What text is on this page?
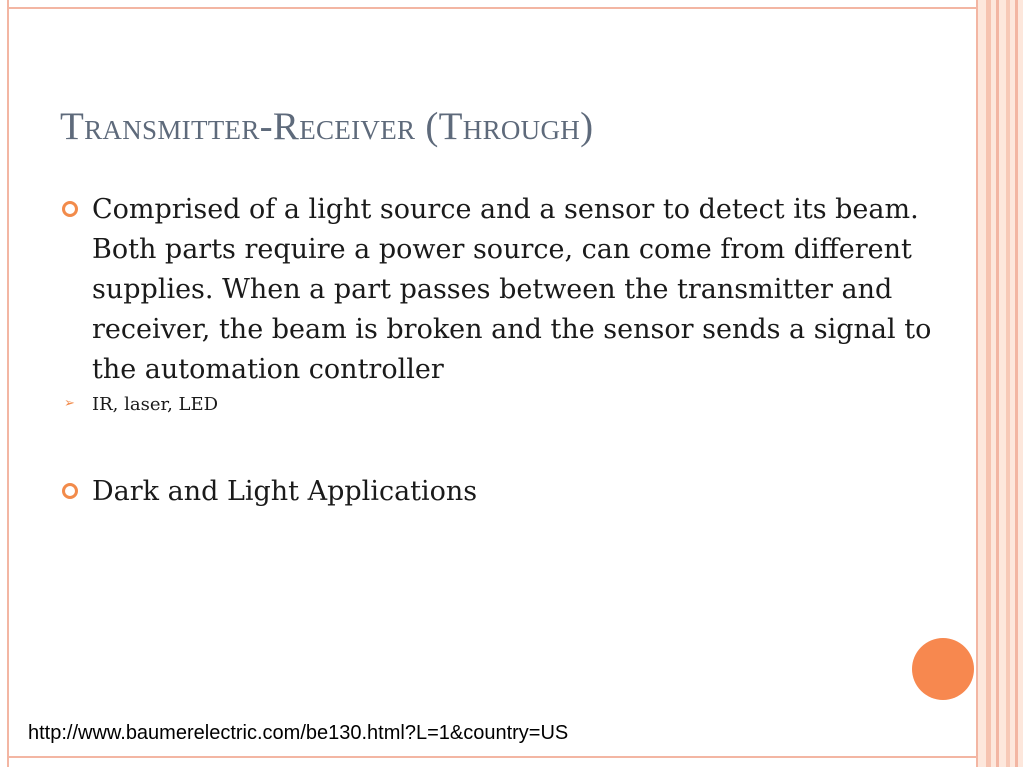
Transmitter-Receiver (Through)
Comprised of a light source and a sensor to detect its beam. Both parts require a power source, can come from different supplies. When a part passes between the transmitter and receiver, the beam is broken and the sensor sends a signal to the automation controller
➢ IR, laser, LED
Dark and Light Applications
http://www.baumerelectric.com/be130.html?L=1&country=US
